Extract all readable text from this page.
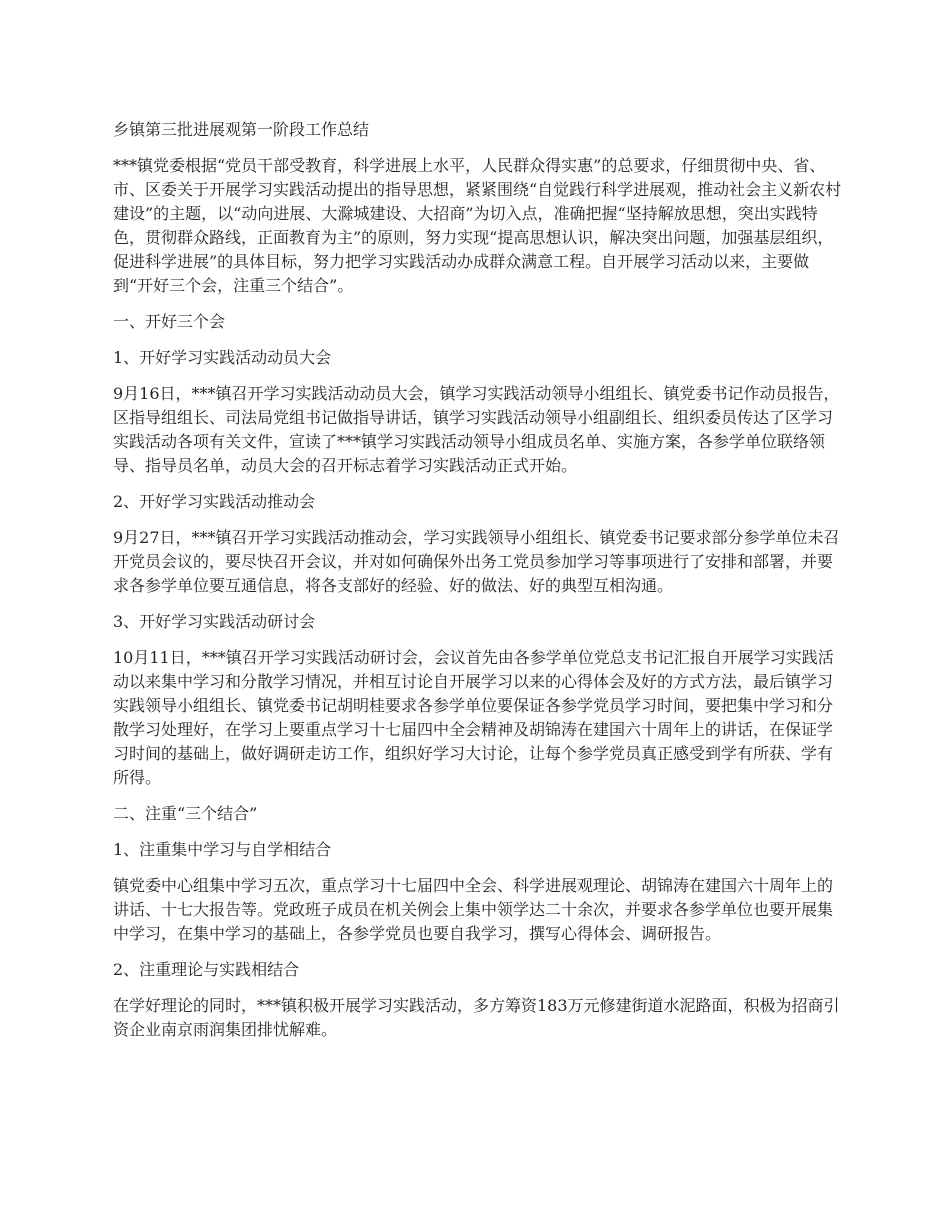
乡镇第三批进展观第一阶段工作总结

***镇党委根据“党员干部受教育，科学进展上水平，人民群众得实惠”的总要求，仔细贯彻中央、省、市、区委关于开展学习实践活动提出的指导思想，紧紧围绕“自觉践行科学进展观，推动社会主义新农村建设”的主题，以“动向进展、大滁城建设、大招商”为切入点，准确把握“坚持解放思想，突出实践特色，贯彻群众路线，正面教育为主”的原则，努力实现“提高思想认识，解决突出问题，加强基层组织，促进科学进展”的具体目标，努力把学习实践活动办成群众满意工程。自开展学习活动以来，主要做到“开好三个会，注重三个结合”。

一、开好三个会

1、开好学习实践活动动员大会

9月16日，***镇召开学习实践活动动员大会，镇学习实践活动领导小组组长、镇党委书记作动员报告，区指导组组长、司法局党组书记做指导讲话，镇学习实践活动领导小组副组长、组织委员传达了区学习实践活动各项有关文件，宣读了***镇学习实践活动领导小组成员名单、实施方案，各参学单位联络领导、指导员名单，动员大会的召开标志着学习实践活动正式开始。

2、开好学习实践活动推动会

9月27日，***镇召开学习实践活动推动会，学习实践领导小组组长、镇党委书记要求部分参学单位未召开党员会议的，要尽快召开会议，并对如何确保外出务工党员参加学习等事项进行了安排和部署，并要求各参学单位要互通信息，将各支部好的经验、好的做法、好的典型互相沟通。

3、开好学习实践活动研讨会

10月11日，***镇召开学习实践活动研讨会，会议首先由各参学单位党总支书记汇报自开展学习实践活动以来集中学习和分散学习情况，并相互讨论自开展学习以来的心得体会及好的方式方法，最后镇学习实践领导小组组长、镇党委书记胡明桂要求各参学单位要保证各参学党员学习时间，要把集中学习和分散学习处理好，在学习上要重点学习十七届四中全会精神及胡锦涛在建国六十周年上的讲话，在保证学习时间的基础上，做好调研走访工作，组织好学习大讨论，让每个参学党员真正感受到学有所获、学有所得。

二、注重“三个结合”

1、注重集中学习与自学相结合

镇党委中心组集中学习五次，重点学习十七届四中全会、科学进展观理论、胡锦涛在建国六十周年上的讲话、十七大报告等。党政班子成员在机关例会上集中领学达二十余次，并要求各参学单位也要开展集中学习，在集中学习的基础上，各参学党员也要自我学习，撰写心得体会、调研报告。

2、注重理论与实践相结合

在学好理论的同时，***镇积极开展学习实践活动，多方筹资183万元修建街道水泥路面，积极为招商引资企业南京雨润集团排忧解难。
